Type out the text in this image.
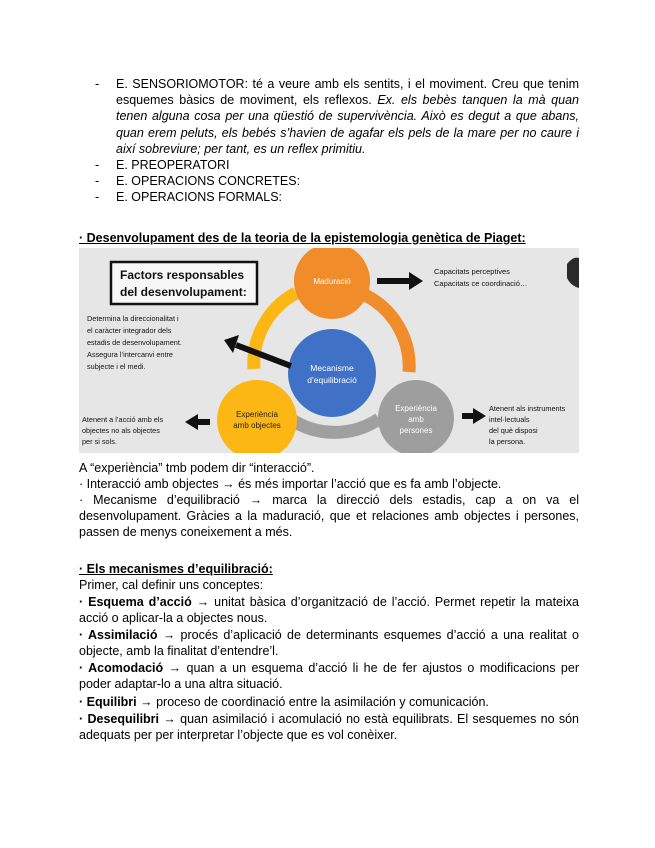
- E. SENSORIOMOTOR: té a veure amb els sentits, i el moviment. Creu que tenim esquemes bàsics de moviment, els reflexos. Ex. els bebès tanquen la mà quan tenen alguna cosa per una qüestió de supervivència. Això es degut a que abans, quan erem peluts, els bebés s’havien de agafar els pels de la mare per no caure i així sobreviure; per tant, es un reflex primitiu.
- E. PREOPERATORI
- E. OPERACIONS CONCRETES:
- E. OPERACIONS FORMALS:
· Desenvolupament des de la teoria de la epistemologia genètica de Piaget:
Factors responsables
del desenvolupament:
Maduració
Mecanisme
d’equilibració
Experiència
amb objectes
Experiència
amb
persones
Capacitats perceptives
Capacitats ce coordinació…
Determina la direccionalitat i
el caràcter integrador dels
estadis de desenvolupament.
Assegura l’intercanvi entre
subjecte i el medi.
Atenent a l’acció amb els
objectes no als objectes
per si sols.
Atenent als instruments
intel·lectuals
del què disposi
la persona.
A “experiència” tmb podem dir “interacció”.
· Interacció amb objectes → és més importar l’acció que es fa amb l’objecte.
· Mecanisme d’equilibració → marca la direcció dels estadis, cap a on va el desenvolupament. Gràcies a la maduració, que et relaciones amb objectes i persones, passen de menys coneixement a més.
· Els mecanismes d’equilibració:
Primer, cal definir uns conceptes:
· Esquema d’acció → unitat bàsica d’organització de l’acció. Permet repetir la mateixa acció o aplicar-la a objectes nous.
· Assimilació → procés d’aplicació de determinants esquemes d’acció a una realitat o objecte, amb la finalitat d’entendre’l.
· Acomodació → quan a un esquema d’acció li he de fer ajustos o modificacions per poder adaptar-lo a una altra situació.
· Equilibri → proceso de coordinació entre la asimilación y comunicación.
· Desequilibri → quan asimilació i acomulació no està equilibrats. El sesquemes no són adequats per per interpretar l’objecte que es vol conèixer.
